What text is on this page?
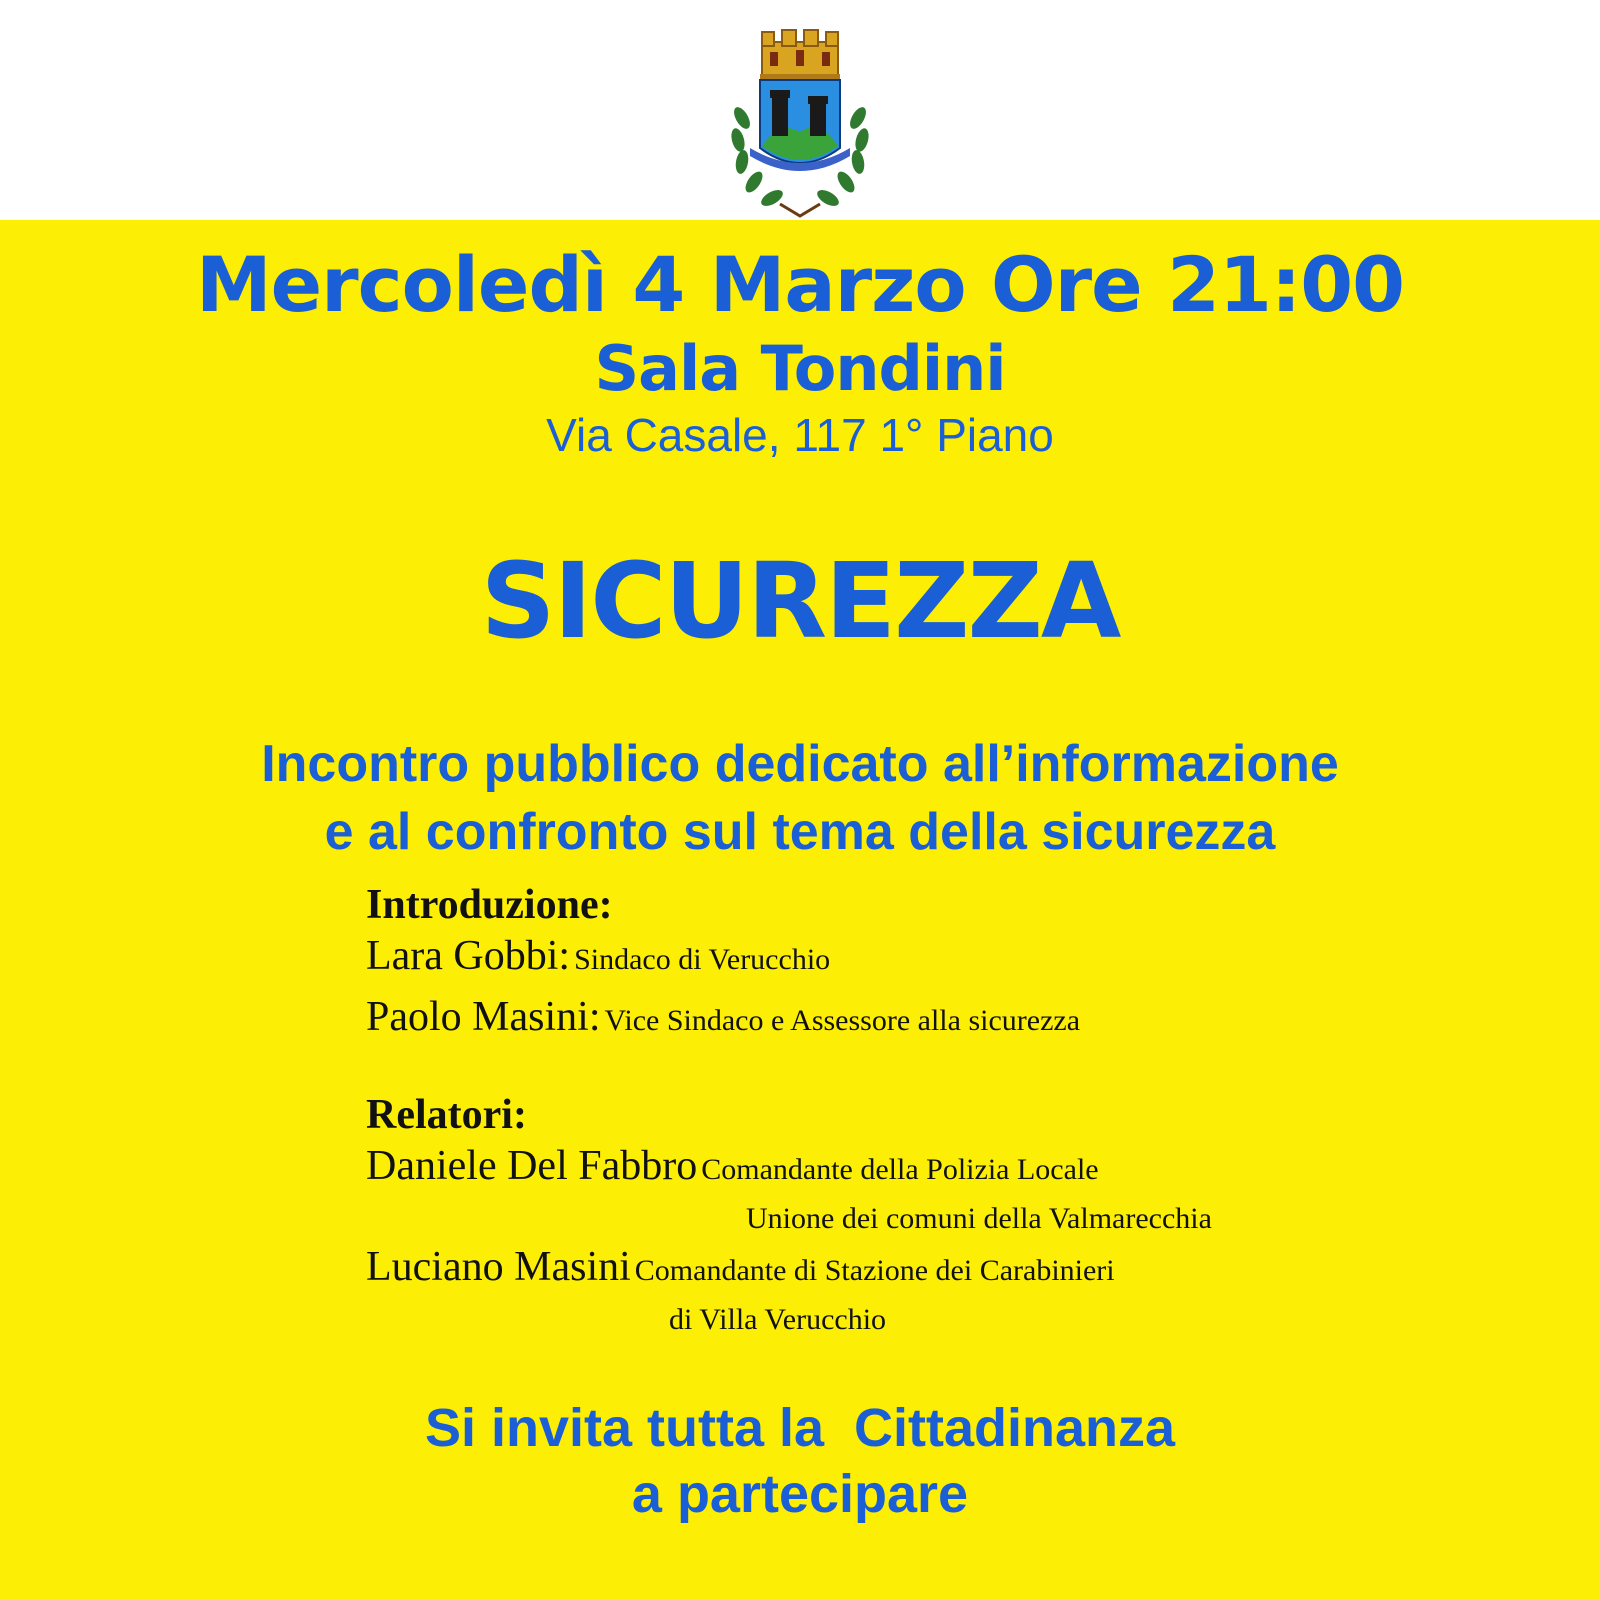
Mercoledì 4 Marzo Ore 21:00
Sala Tondini
Via Casale, 117 1° Piano
SICUREZZA
Incontro pubblico dedicato all’informazione
e al confronto sul tema della sicurezza
Introduzione:
Lara Gobbi: Sindaco di Verucchio
Paolo Masini: Vice Sindaco e Assessore alla sicurezza
Relatori:
Daniele Del Fabbro Comandante della Polizia Locale
Unione dei comuni della Valmarecchia
Luciano Masini Comandante di Stazione dei Carabinieri
di Villa Verucchio
Si invita tutta la  Cittadinanza
a partecipare
